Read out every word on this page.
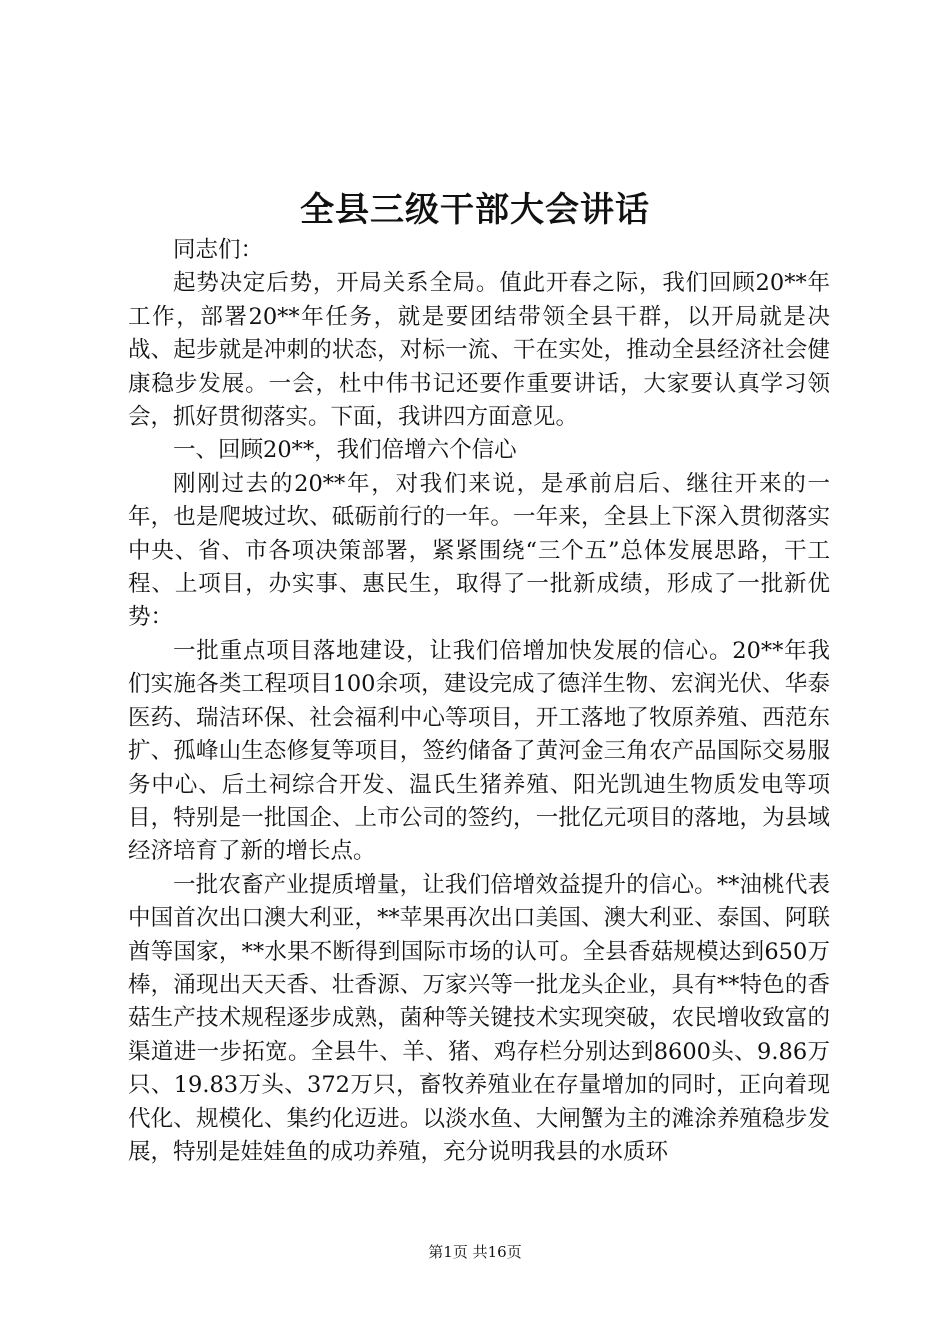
全县三级干部大会讲话

同志们：

起势决定后势，开局关系全局。值此开春之际，我们回顾20**年工作，部署20**年任务，就是要团结带领全县干群，以开局就是决战、起步就是冲刺的状态，对标一流、干在实处，推动全县经济社会健康稳步发展。一会，杜中伟书记还要作重要讲话，大家要认真学习领会，抓好贯彻落实。下面，我讲四方面意见。

一、回顾20**，我们倍增六个信心

刚刚过去的20**年，对我们来说，是承前启后、继往开来的一年，也是爬坡过坎、砥砺前行的一年。一年来，全县上下深入贯彻落实中央、省、市各项决策部署，紧紧围绕“三个五”总体发展思路，干工程、上项目，办实事、惠民生，取得了一批新成绩，形成了一批新优势：

一批重点项目落地建设，让我们倍增加快发展的信心。20**年我们实施各类工程项目100余项，建设完成了德洋生物、宏润光伏、华泰医药、瑞洁环保、社会福利中心等项目，开工落地了牧原养殖、西范东扩、孤峰山生态修复等项目，签约储备了黄河金三角农产品国际交易服务中心、后土祠综合开发、温氏生猪养殖、阳光凯迪生物质发电等项目，特别是一批国企、上市公司的签约，一批亿元项目的落地，为县域经济培育了新的增长点。

一批农畜产业提质增量，让我们倍增效益提升的信心。**油桃代表中国首次出口澳大利亚，**苹果再次出口美国、澳大利亚、泰国、阿联酋等国家，**水果不断得到国际市场的认可。全县香菇规模达到650万棒，涌现出天天香、壮香源、万家兴等一批龙头企业，具有**特色的香菇生产技术规程逐步成熟，菌种等关键技术实现突破，农民增收致富的渠道进一步拓宽。全县牛、羊、猪、鸡存栏分别达到8600头、9.86万只、19.83万头、372万只，畜牧养殖业在存量增加的同时，正向着现代化、规模化、集约化迈进。以淡水鱼、大闸蟹为主的滩涂养殖稳步发展，特别是娃娃鱼的成功养殖，充分说明我县的水质环

第1页 共16页
